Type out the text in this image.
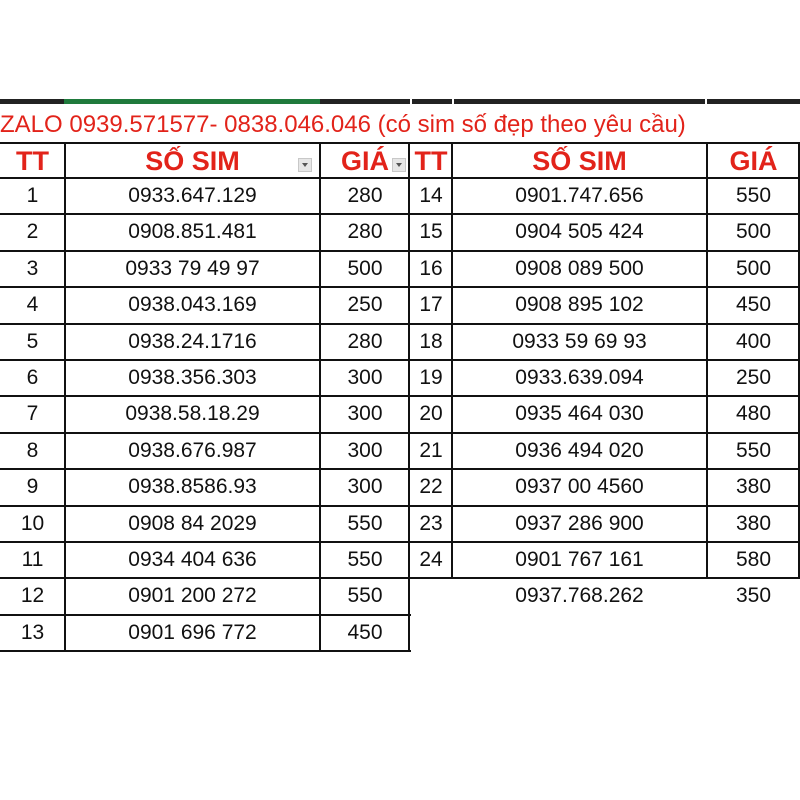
ZALO 0939.571577- 0838.046.046 (có sim số đẹp theo yêu cầu)
TT	SỐ SIM	GIÁ TT	SỐ SIM	GIÁ
1	0933.647.129	280
2	0908.851.481	280
3	0933 79 49 97	500
4	0938.043.169	250
5	0938.24.1716	280
6	0938.356.303	300
7	0938.58.18.29	300
8	0938.676.987	300
9	0938.8586.93	300
10	0908 84 2029	550
11	0934 404 636	550
12	0901 200 272	550
13	0901 696 772	450
14	0901.747.656	550
15	0904 505 424	500
16	0908 089 500	500
17	0908 895 102	450
18	0933 59 69 93	400
19	0933.639.094	250
20	0935 464 030	480
21	0936 494 020	550
22	0937 00 4560	380
23	0937 286 900	380
24	0901 767 161	580
0937.768.262	350
